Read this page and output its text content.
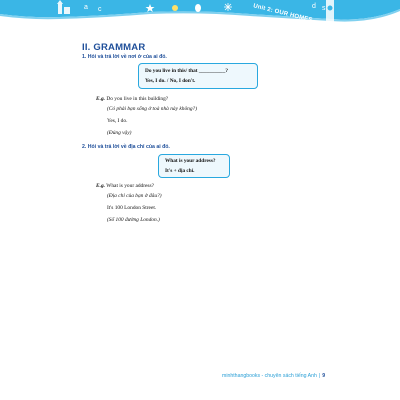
a c	d s
Unit 2: OUR HOMES
II. GRAMMAR
1. Hỏi và trả lời về nơi ở của ai đó.
Do you live in this/ that __________?
Yes, I do. / No, I don't.
E.g. Do you live in this building?
(Có phải bạn sống ở toà nhà này không?)
Yes, I do.
(Đúng vậy)
2. Hỏi và trả lời về địa chỉ của ai đó.
What is your address?
It's + địa chỉ.
E.g. What is your address?
(Địa chỉ của bạn ở đâu?)
It's 100 London Street.
(Số 100 đường London.)
minhthangbooks - chuyên sách tiếng Anh | 9
